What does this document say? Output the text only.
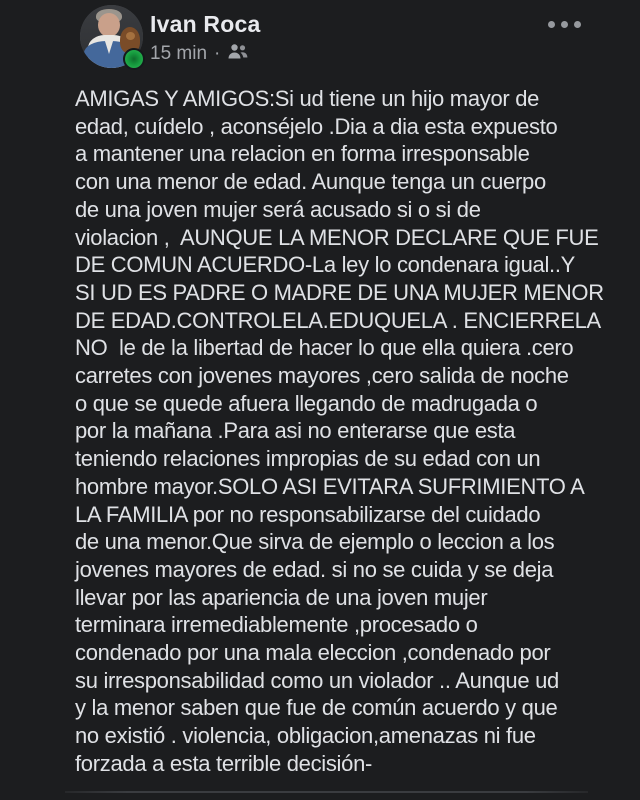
Ivan Roca
15 min ·
AMIGAS Y AMIGOS:Si ud tiene un hijo mayor de
edad, cuídelo , aconséjelo .Dia a dia esta expuesto
a mantener una relacion en forma irresponsable
con una menor de edad. Aunque tenga un cuerpo
de una joven mujer será acusado si o si de
violacion ,  AUNQUE LA MENOR DECLARE QUE FUE
DE COMUN ACUERDO-La ley lo condenara igual..Y
SI UD ES PADRE O MADRE DE UNA MUJER MENOR
DE EDAD.CONTROLELA.EDUQUELA . ENCIERRELA
NO  le de la libertad de hacer lo que ella quiera .cero
carretes con jovenes mayores ,cero salida de noche
o que se quede afuera llegando de madrugada o
por la mañana .Para asi no enterarse que esta
teniendo relaciones impropias de su edad con un
hombre mayor.SOLO ASI EVITARA SUFRIMIENTO A
LA FAMILIA por no responsabilizarse del cuidado
de una menor.Que sirva de ejemplo o leccion a los
jovenes mayores de edad. si no se cuida y se deja
llevar por las apariencia de una joven mujer
terminara irremediablemente ,procesado o
condenado por una mala eleccion ,condenado por
su irresponsabilidad como un violador .. Aunque ud
y la menor saben que fue de común acuerdo y que
no existió . violencia, obligacion,amenazas ni fue
forzada a esta terrible decisión-
